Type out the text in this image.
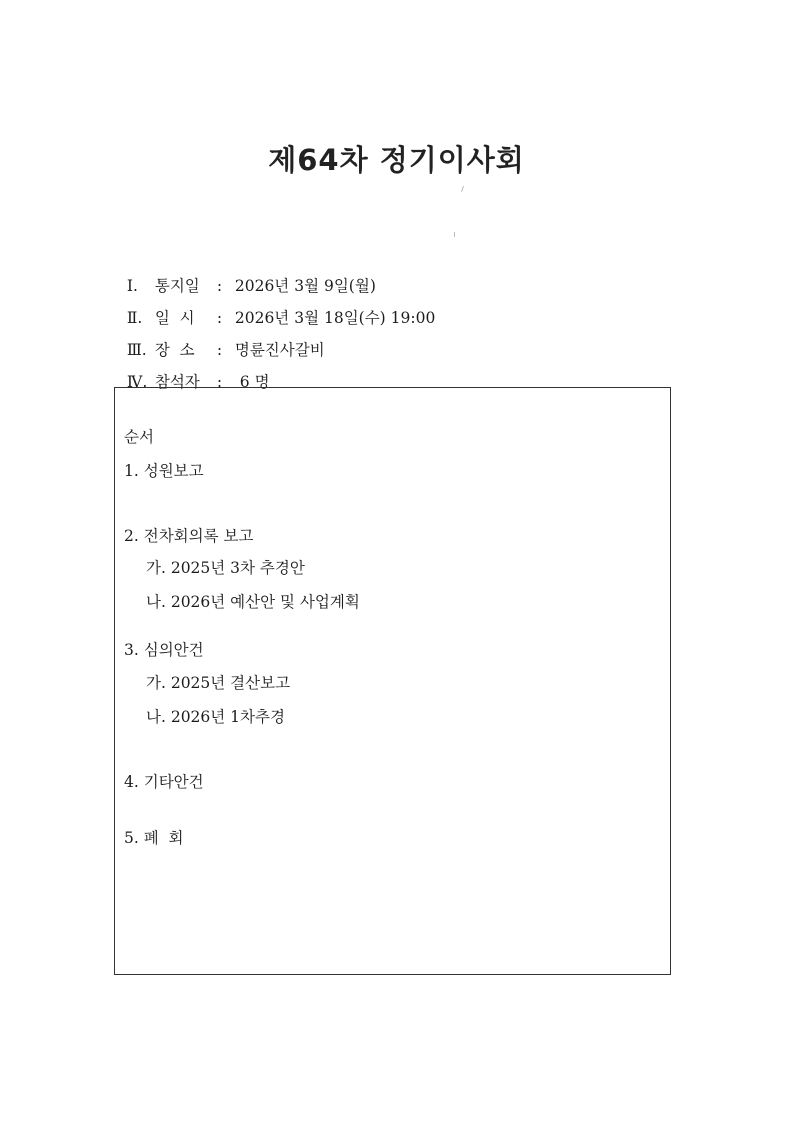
제64차 정기이사회

Ⅰ. 통지일 : 2026년 3월 9일(월)

Ⅱ. 일  시 : 2026년 3월 18일(수) 19:00

Ⅲ. 장  소 : 명륜진사갈비

Ⅳ. 참석자 : 6 명

순서
1. 성원보고
2. 전차회의록 보고
가. 2025년 3차 추경안
나. 2026년 예산안 및 사업계획
3. 심의안건
가. 2025년 결산보고
나. 2026년 1차추경
4. 기타안건
5. 폐  회
